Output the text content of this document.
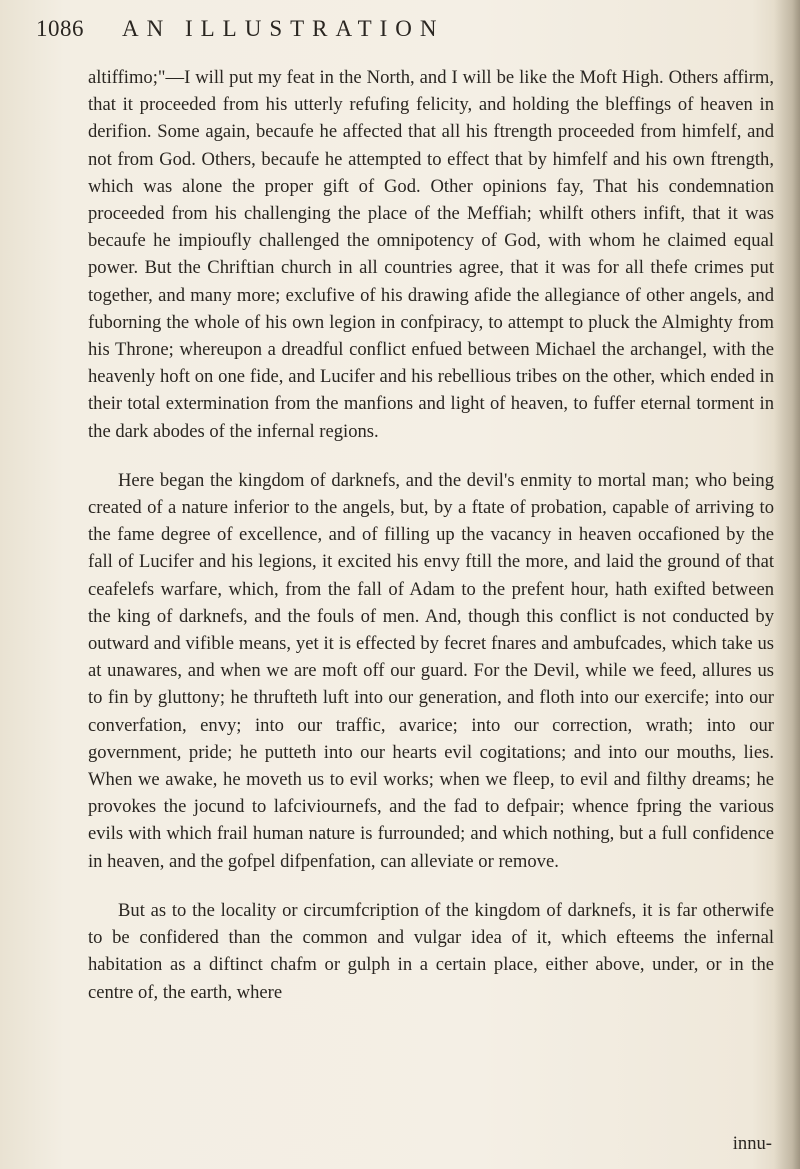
1086 AN ILLUSTRATION

altiffimo;"—I will put my feat in the North, and I will be like the Moft High. Others affirm, that it proceeded from his utterly refufing felicity, and holding the bleffings of heaven in derifion. Some again, becaufe he affected that all his ftrength proceeded from himfelf, and not from God. Others, becaufe he attempted to effect that by himfelf and his own ftrength, which was alone the proper gift of God. Other opinions fay, That his condemnation proceeded from his challenging the place of the Meffiah; whilft others infift, that it was becaufe he impioufly challenged the omnipotency of God, with whom he claimed equal power. But the Chriftian church in all countries agree, that it was for all thefe crimes put together, and many more; exclufive of his drawing afide the allegiance of other angels, and fuborning the whole of his own legion in confpiracy, to attempt to pluck the Almighty from his Throne; whereupon a dreadful conflict enfued between Michael the archangel, with the heavenly hoft on one fide, and Lucifer and his rebellious tribes on the other, which ended in their total extermination from the manfions and light of heaven, to fuffer eternal torment in the dark abodes of the infernal regions.

Here began the kingdom of darknefs, and the devil's enmity to mortal man; who being created of a nature inferior to the angels, but, by a ftate of probation, capable of arriving to the fame degree of excellence, and of filling up the vacancy in heaven occafioned by the fall of Lucifer and his legions, it excited his envy ftill the more, and laid the ground of that ceafelefs warfare, which, from the fall of Adam to the prefent hour, hath exifted between the king of darknefs, and the fouls of men. And, though this conflict is not conducted by outward and vifible means, yet it is effected by fecret fnares and ambufcades, which take us at unawares, and when we are moft off our guard. For the Devil, while we feed, allures us to fin by gluttony; he thrufteth luft into our generation, and floth into our exercife; into our converfation, envy; into our traffic, avarice; into our correction, wrath; into our government, pride; he putteth into our hearts evil cogitations; and into our mouths, lies. When we awake, he moveth us to evil works; when we fleep, to evil and filthy dreams; he provokes the jocund to lafciviournefs, and the fad to defpair; whence fpring the various evils with which frail human nature is furrounded; and which nothing, but a full confidence in heaven, and the gofpel difpenfation, can alleviate or remove.

But as to the locality or circumfcription of the kingdom of darknefs, it is far otherwife to be confidered than the common and vulgar idea of it, which efteems the infernal habitation as a diftinct chafm or gulph in a certain place, either above, under, or in the centre of, the earth, where

innu-
